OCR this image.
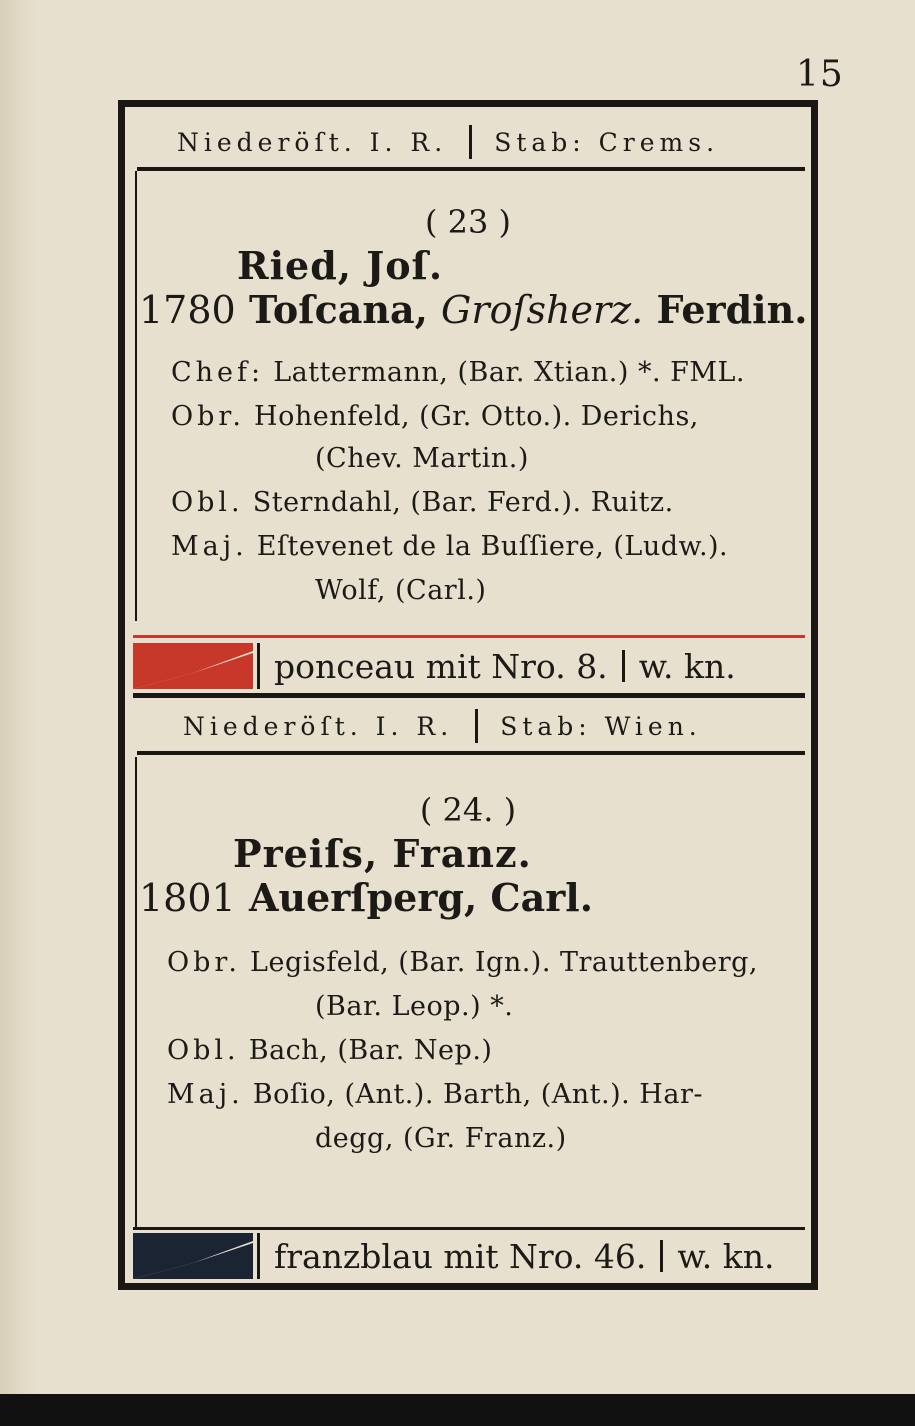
15
Niederöſt. I. R. Stab: Crems.
( 23 )
Ried, Joſ.
1780 Toſcana, Groſsherz. Ferdin.
Chef: Lattermann, (Bar. Xtian.) *. FML.
Obr. Hohenfeld, (Gr. Otto.). Derichs,
(Chev. Martin.)
Obl. Sterndahl, (Bar. Ferd.). Ruitz.
Maj. Eſtevenet de la Buſſiere, (Ludw.).
Wolf, (Carl.)
ponceau mit Nro. 8. w. kn.
Niederöſt. I. R. Stab: Wien.
( 24. )
Preiſs, Franz.
1801 Auerſperg, Carl.
Obr. Legisfeld, (Bar. Ign.). Trauttenberg,
(Bar. Leop.) *.
Obl. Bach, (Bar. Nep.)
Maj. Boſio, (Ant.). Barth, (Ant.). Har-
degg, (Gr. Franz.)
franzblau mit Nro. 46. w. kn.
